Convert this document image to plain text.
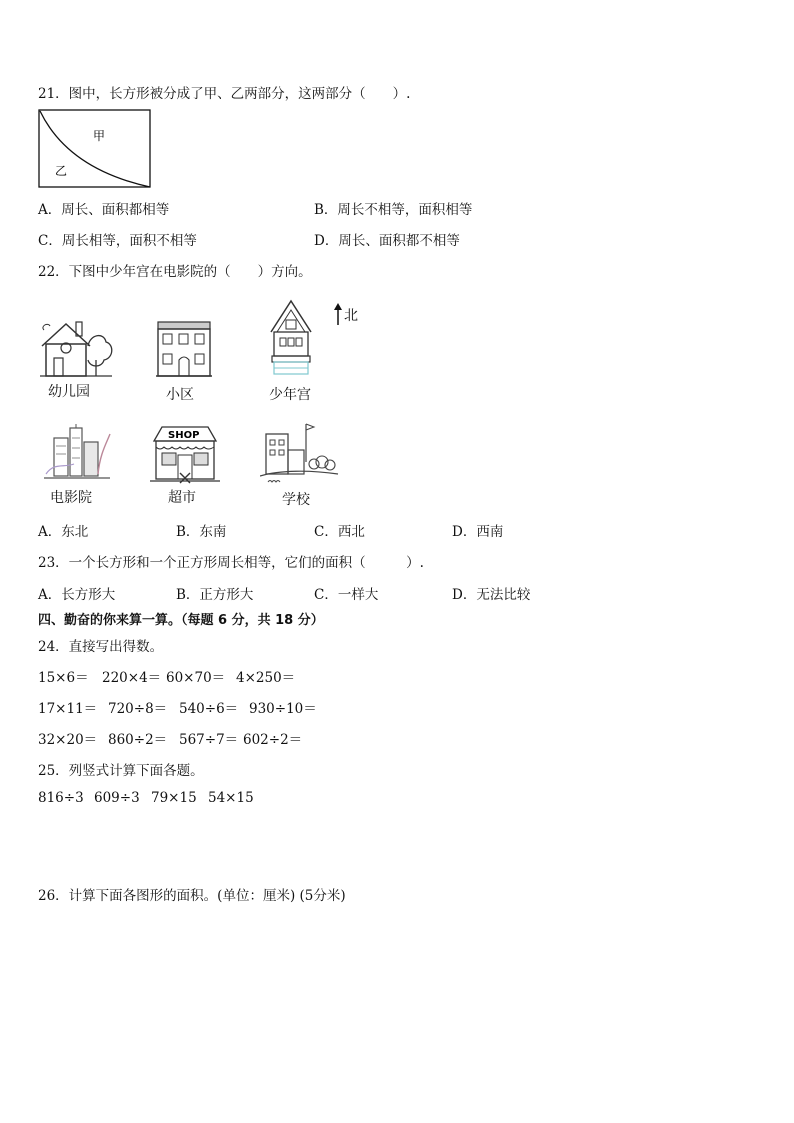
21．图中，长方形被分成了甲、乙两部分，这两部分（　　）.
甲
乙
A．周长、面积都相等	B．周长不相等，面积相等
C．周长相等，面积不相等	D．周长、面积都不相等
22．下图中少年宫在电影院的（　　）方向。
北
幼儿园	小区	少年宫
电影院
SHOP
超市	学校
A．东北	B．东南	C．西北	D．西南
23．一个长方形和一个正方形周长相等，它们的面积（　　　）.
A．长方形大	B．正方形大	C．一样大	D．无法比较
四、勤奋的你来算一算。（每题 6 分，共 18 分）
24．直接写出得数。
15×6＝ 220×4＝ 60×70＝ 4×250＝
17×11＝ 720÷8＝ 540÷6＝ 930÷10＝
32×20＝ 860÷2＝ 567÷7＝ 602÷2＝
25．列竖式计算下面各题。
816÷3 609÷3 79×15 54×15
26．计算下面各图形的面积。(单位：厘米) (5分米)
